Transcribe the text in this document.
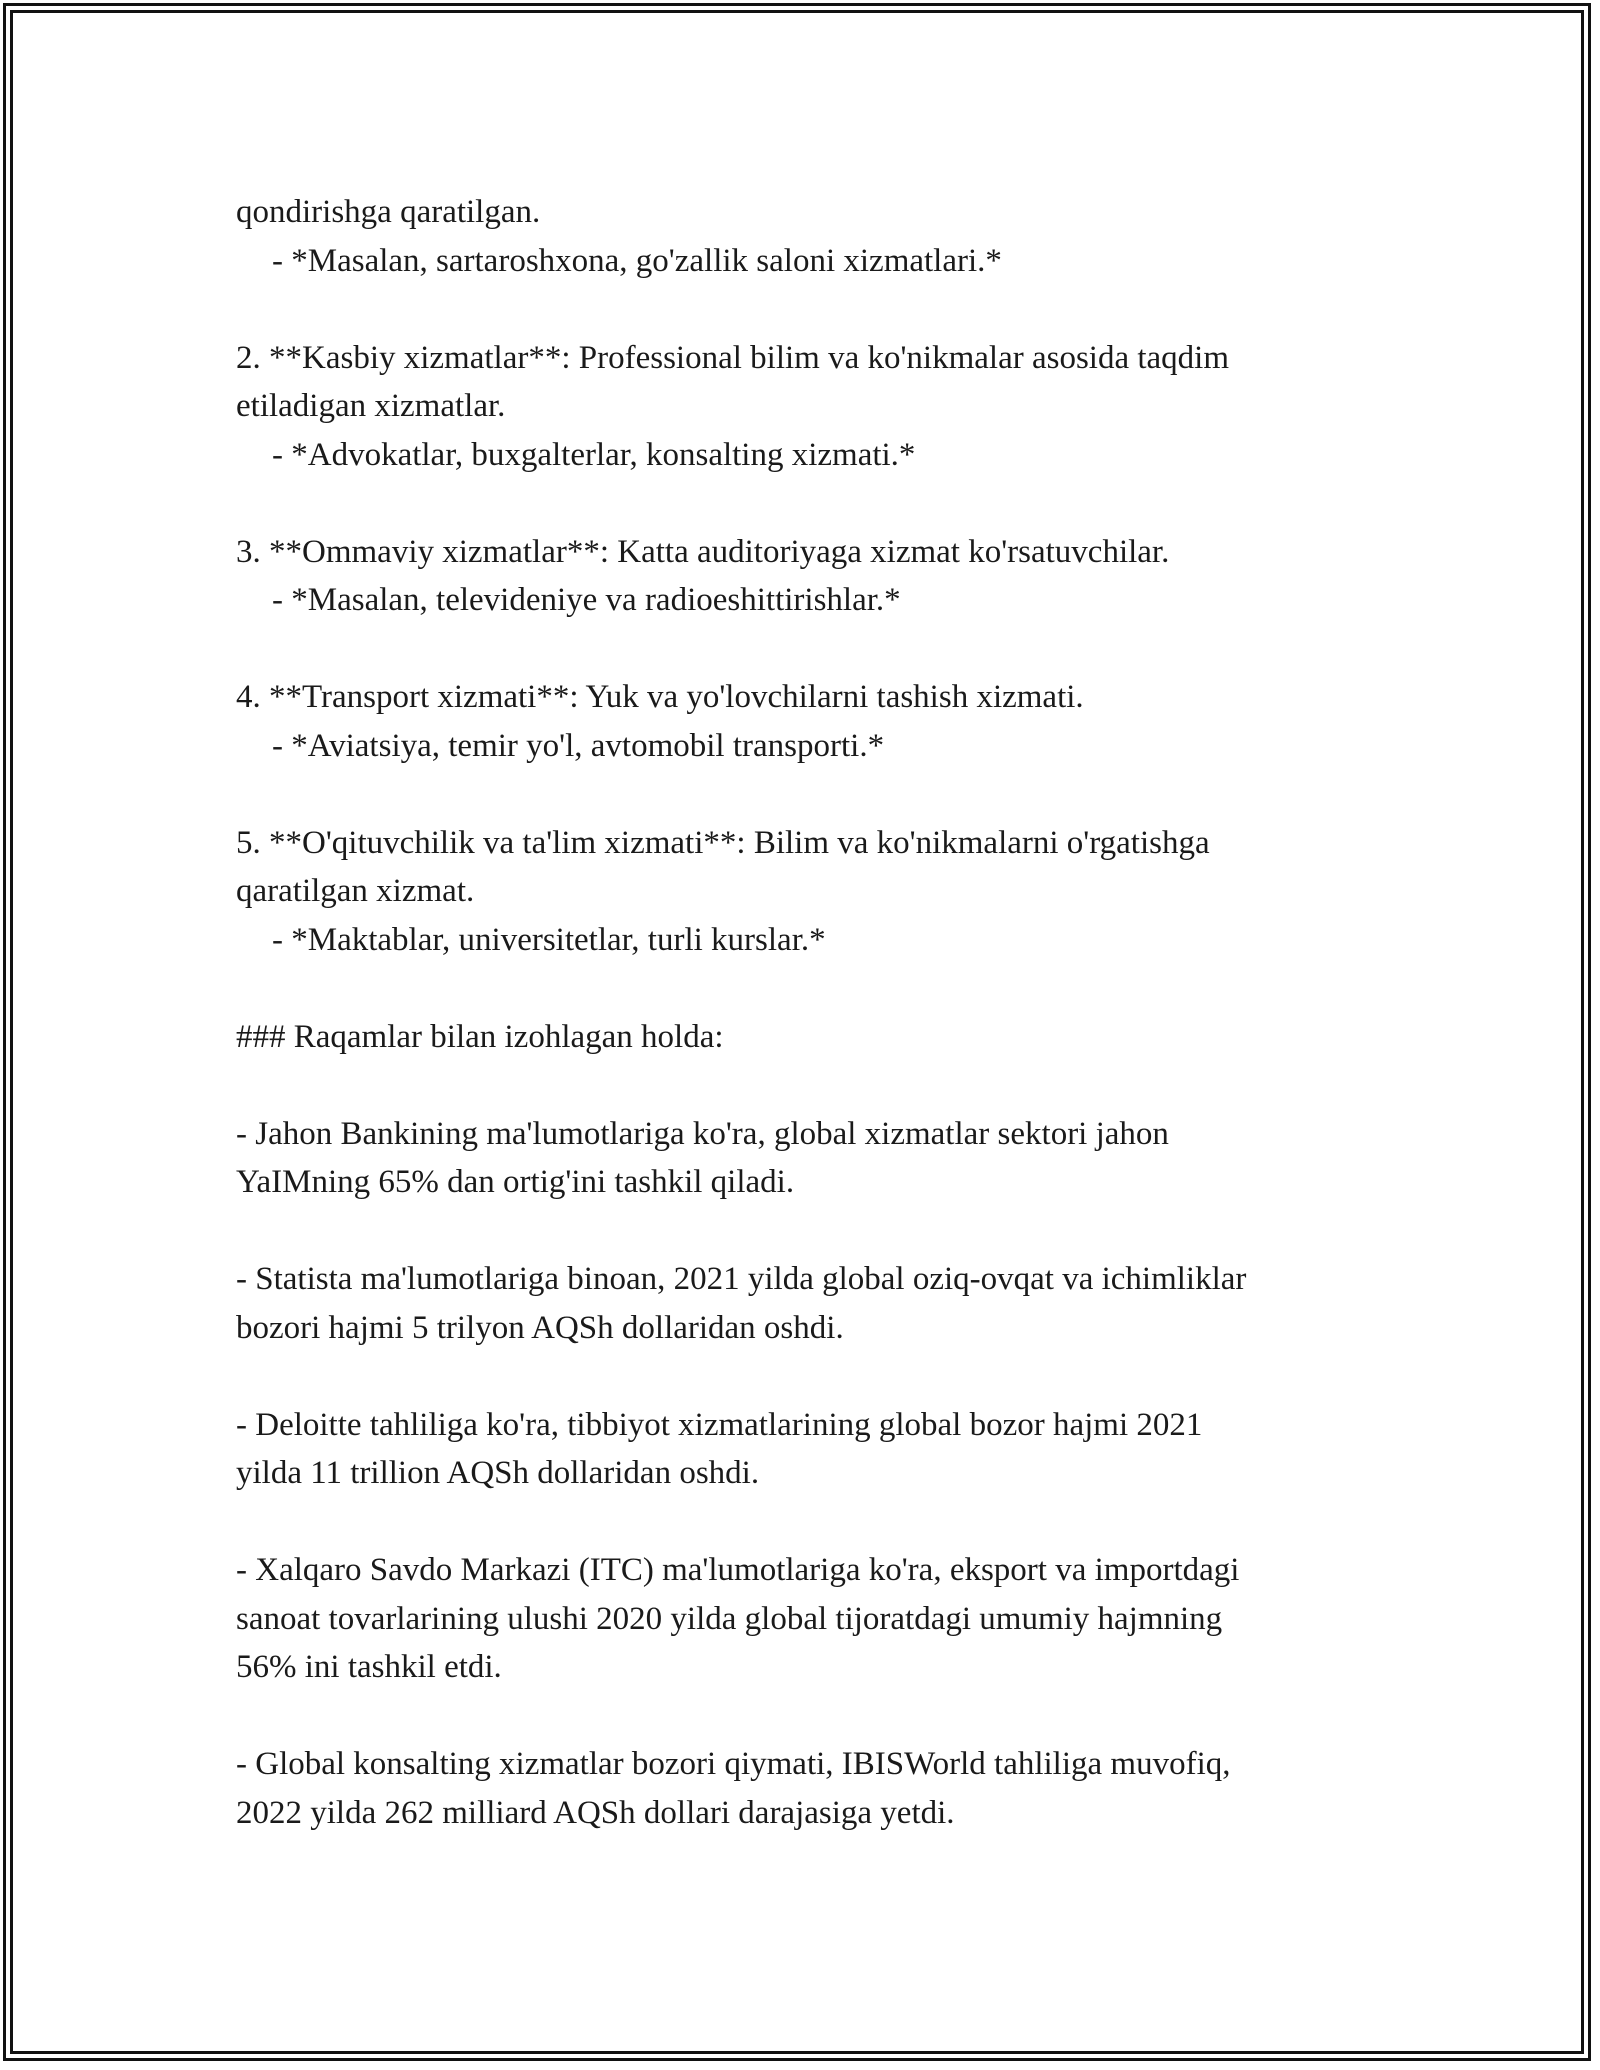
qondirishga qaratilgan.
- *Masalan, sartaroshxona, go'zallik saloni xizmatlari.*
2. **Kasbiy xizmatlar**: Professional bilim va ko'nikmalar asosida taqdim
etiladigan xizmatlar.
- *Advokatlar, buxgalterlar, konsalting xizmati.*
3. **Ommaviy xizmatlar**: Katta auditoriyaga xizmat ko'rsatuvchilar.
- *Masalan, televideniye va radioeshittirishlar.*
4. **Transport xizmati**: Yuk va yo'lovchilarni tashish xizmati.
- *Aviatsiya, temir yo'l, avtomobil transporti.*
5. **O'qituvchilik va ta'lim xizmati**: Bilim va ko'nikmalarni o'rgatishga
qaratilgan xizmat.
- *Maktablar, universitetlar, turli kurslar.*
### Raqamlar bilan izohlagan holda:
- Jahon Bankining ma'lumotlariga ko'ra, global xizmatlar sektori jahon
YaIMning 65% dan ortig'ini tashkil qiladi.
- Statista ma'lumotlariga binoan, 2021 yilda global oziq-ovqat va ichimliklar
bozori hajmi 5 trilyon AQSh dollaridan oshdi.
- Deloitte tahliliga ko'ra, tibbiyot xizmatlarining global bozor hajmi 2021
yilda 11 trillion AQSh dollaridan oshdi.
- Xalqaro Savdo Markazi (ITC) ma'lumotlariga ko'ra, eksport va importdagi
sanoat tovarlarining ulushi 2020 yilda global tijoratdagi umumiy hajmning
56% ini tashkil etdi.
- Global konsalting xizmatlar bozori qiymati, IBISWorld tahliliga muvofiq,
2022 yilda 262 milliard AQSh dollari darajasiga yetdi.
